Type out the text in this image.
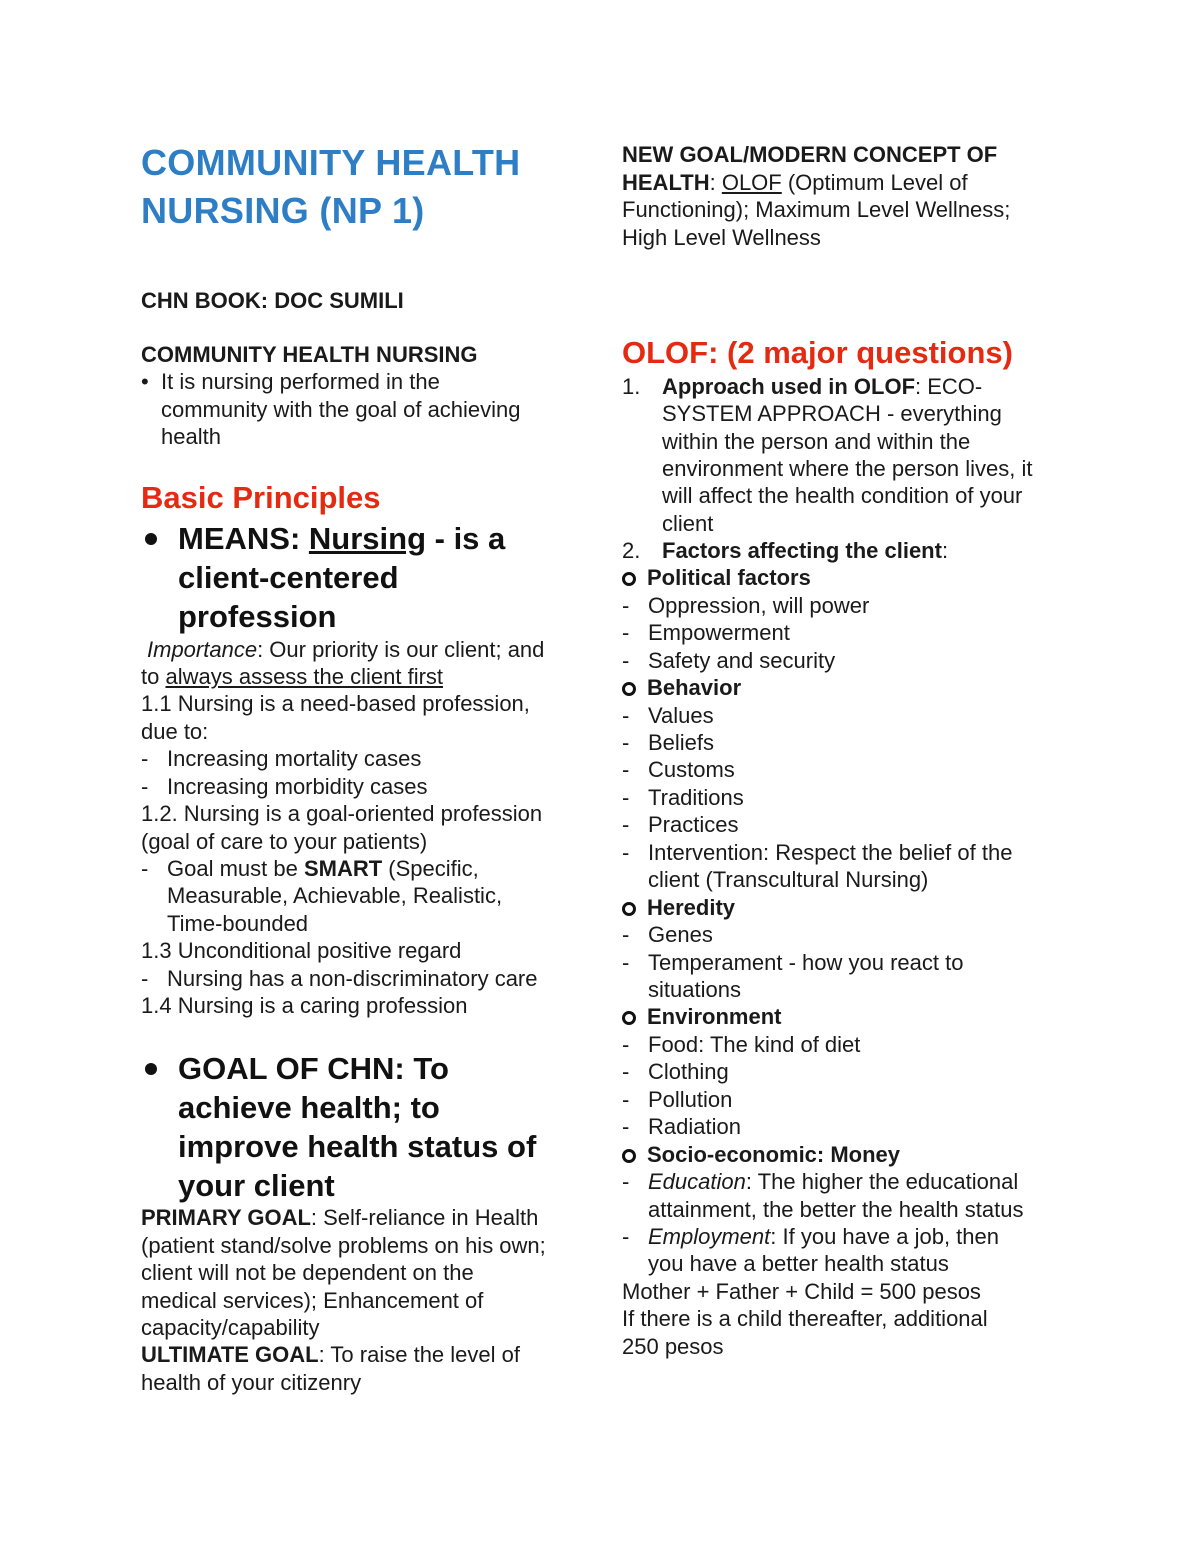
COMMUNITY HEALTH
NURSING (NP 1)
CHN BOOK: DOC SUMILI
COMMUNITY HEALTH NURSING
• It is nursing performed in the
community with the goal of achieving
health
Basic Principles
MEANS: Nursing - is a
client-centered
profession
Importance: Our priority is our client; and
to always assess the client first
1.1 Nursing is a need-based profession,
due to:
- Increasing mortality cases
- Increasing morbidity cases
1.2. Nursing is a goal-oriented profession
(goal of care to your patients)
- Goal must be SMART (Specific,
Measurable, Achievable, Realistic,
Time-bounded
1.3 Unconditional positive regard
- Nursing has a non-discriminatory care
1.4 Nursing is a caring profession
GOAL OF CHN: To
achieve health; to
improve health status of
your client
PRIMARY GOAL: Self-reliance in Health
(patient stand/solve problems on his own;
client will not be dependent on the
medical services); Enhancement of
capacity/capability
ULTIMATE GOAL: To raise the level of
health of your citizenry
NEW GOAL/MODERN CONCEPT OF
HEALTH: OLOF (Optimum Level of
Functioning); Maximum Level Wellness;
High Level Wellness
OLOF: (2 major questions)
1. Approach used in OLOF: ECO-
SYSTEM APPROACH - everything
within the person and within the
environment where the person lives, it
will affect the health condition of your
client
2. Factors affecting the client:
Political factors
- Oppression, will power
- Empowerment
- Safety and security
Behavior
- Values
- Beliefs
- Customs
- Traditions
- Practices
- Intervention: Respect the belief of the
client (Transcultural Nursing)
Heredity
- Genes
- Temperament - how you react to
situations
Environment
- Food: The kind of diet
- Clothing
- Pollution
- Radiation
Socio-economic: Money
- Education: The higher the educational
attainment, the better the health status
- Employment: If you have a job, then
you have a better health status
Mother + Father + Child = 500 pesos
If there is a child thereafter, additional
250 pesos
